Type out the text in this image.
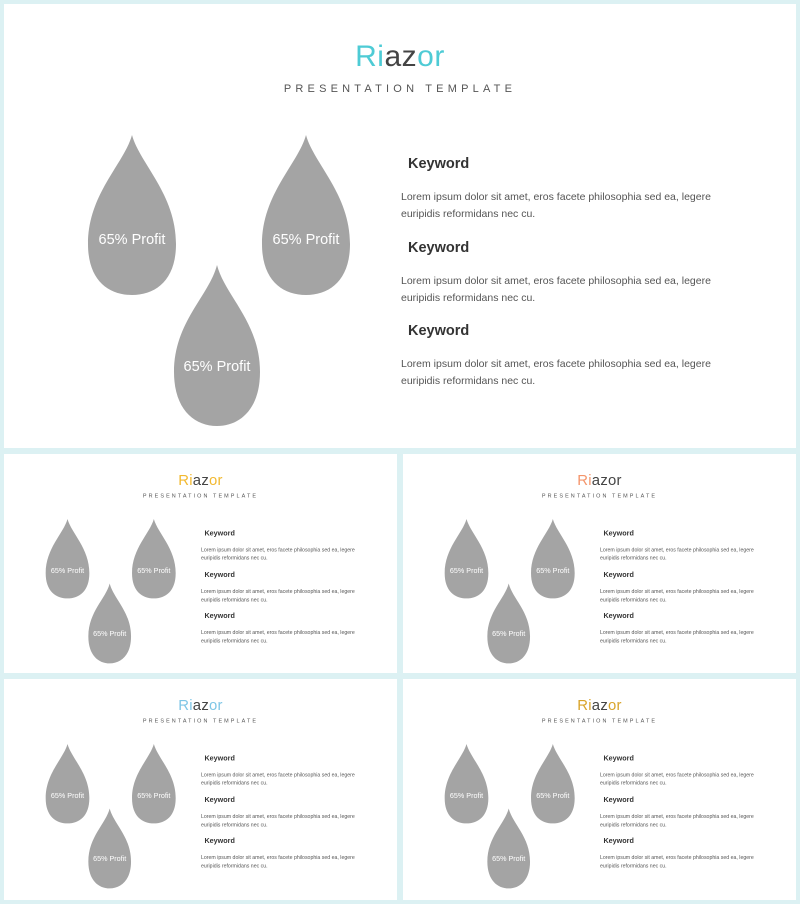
Riazor
PRESENTATION TEMPLATE
65% Profit	65% Profit
65% Profit
Keyword
Lorem ipsum dolor sit amet, eros facete philosophia sed ea, legere
euripidis reformidans nec cu.
Keyword
Lorem ipsum dolor sit amet, eros facete philosophia sed ea, legere
euripidis reformidans nec cu.
Keyword
Lorem ipsum dolor sit amet, eros facete philosophia sed ea, legere
euripidis reformidans nec cu.
Riazor
PRESENTATION TEMPLATE
65% Profit	65% Profit
65% Profit
Keyword
Lorem ipsum dolor sit amet, eros facete philosophia sed ea, legere
euripidis reformidans nec cu.
Keyword
Lorem ipsum dolor sit amet, eros facete philosophia sed ea, legere
euripidis reformidans nec cu.
Keyword
Lorem ipsum dolor sit amet, eros facete philosophia sed ea, legere
euripidis reformidans nec cu.
Riazor
PRESENTATION TEMPLATE
65% Profit	65% Profit
65% Profit
Keyword
Lorem ipsum dolor sit amet, eros facete philosophia sed ea, legere
euripidis reformidans nec cu.
Keyword
Lorem ipsum dolor sit amet, eros facete philosophia sed ea, legere
euripidis reformidans nec cu.
Keyword
Lorem ipsum dolor sit amet, eros facete philosophia sed ea, legere
euripidis reformidans nec cu.
Riazor
PRESENTATION TEMPLATE
65% Profit	65% Profit
65% Profit
Keyword
Lorem ipsum dolor sit amet, eros facete philosophia sed ea, legere
euripidis reformidans nec cu.
Keyword
Lorem ipsum dolor sit amet, eros facete philosophia sed ea, legere
euripidis reformidans nec cu.
Keyword
Lorem ipsum dolor sit amet, eros facete philosophia sed ea, legere
euripidis reformidans nec cu.
Riazor
PRESENTATION TEMPLATE
65% Profit	65% Profit
65% Profit
Keyword
Lorem ipsum dolor sit amet, eros facete philosophia sed ea, legere
euripidis reformidans nec cu.
Keyword
Lorem ipsum dolor sit amet, eros facete philosophia sed ea, legere
euripidis reformidans nec cu.
Keyword
Lorem ipsum dolor sit amet, eros facete philosophia sed ea, legere
euripidis reformidans nec cu.
